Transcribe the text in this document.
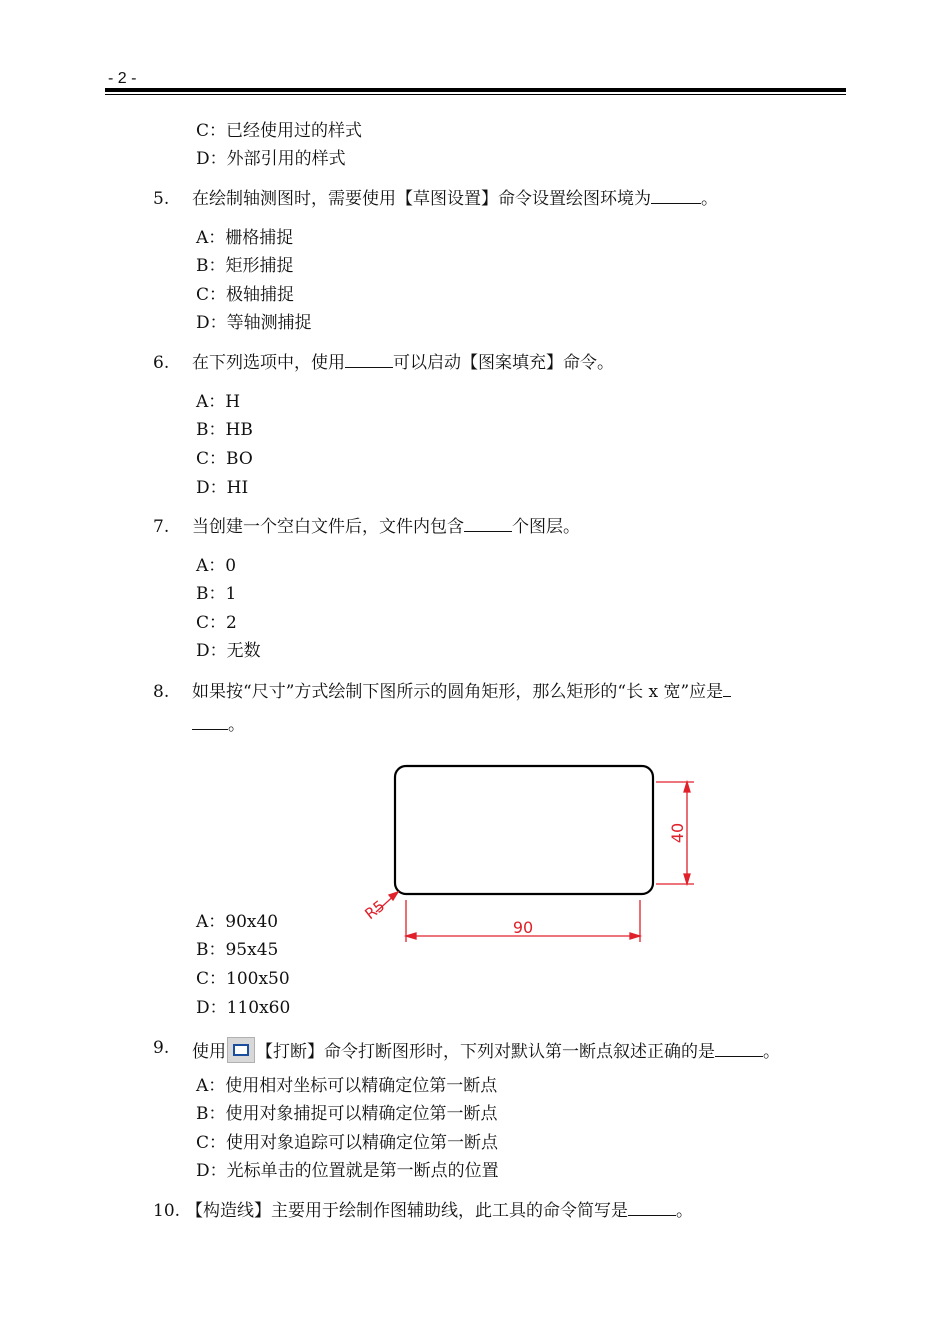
- 2 -
C：已经使用过的样式
D：外部引用的样式
5. 在绘制轴测图时，需要使用【草图设置】命令设置绘图环境为	。
A：栅格捕捉
B：矩形捕捉
C：极轴捕捉
D：等轴测捕捉
6. 在下列选项中，使用	可以启动【图案填充】命令。
A：H
B：HB
C：BO
D：HI
7. 当创建一个空白文件后，文件内包含	个图层。
A：0
B：1
C：2
D：无数
8. 如果按“尺寸”方式绘制下图所示的圆角矩形，那么矩形的“长 x 宽”应是
。
40
90
R5
A：90x40
B：95x45
C：100x50
D：110x60
9. 使用 【打断】命令打断图形时，下列对默认第一断点叙述正确的是	。
A：使用相对坐标可以精确定位第一断点
B：使用对象捕捉可以精确定位第一断点
C：使用对象追踪可以精确定位第一断点
D：光标单击的位置就是第一断点的位置
10. 【构造线】主要用于绘制作图辅助线，此工具的命令简写是	。
